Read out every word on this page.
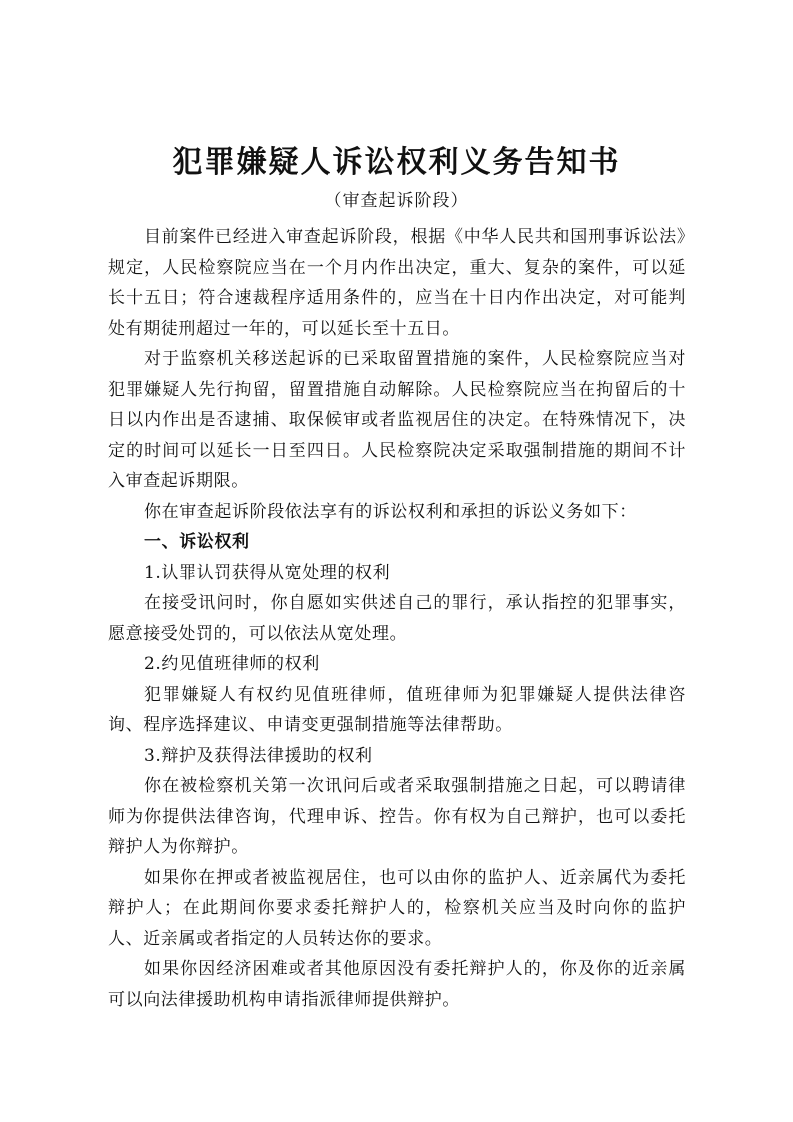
犯罪嫌疑人诉讼权利义务告知书

（审查起诉阶段）

目前案件已经进入审查起诉阶段，根据《中华人民共和国刑事诉讼法》规定，人民检察院应当在一个月内作出决定，重大、复杂的案件，可以延长十五日；符合速裁程序适用条件的，应当在十日内作出决定，对可能判处有期徒刑超过一年的，可以延长至十五日。

对于监察机关移送起诉的已采取留置措施的案件，人民检察院应当对犯罪嫌疑人先行拘留，留置措施自动解除。人民检察院应当在拘留后的十日以内作出是否逮捕、取保候审或者监视居住的决定。在特殊情况下，决定的时间可以延长一日至四日。人民检察院决定采取强制措施的期间不计入审查起诉期限。

你在审查起诉阶段依法享有的诉讼权利和承担的诉讼义务如下：

一、诉讼权利

1.认罪认罚获得从宽处理的权利

在接受讯问时，你自愿如实供述自己的罪行，承认指控的犯罪事实，愿意接受处罚的，可以依法从宽处理。

2.约见值班律师的权利

犯罪嫌疑人有权约见值班律师，值班律师为犯罪嫌疑人提供法律咨询、程序选择建议、申请变更强制措施等法律帮助。

3.辩护及获得法律援助的权利

你在被检察机关第一次讯问后或者采取强制措施之日起，可以聘请律师为你提供法律咨询，代理申诉、控告。你有权为自己辩护，也可以委托辩护人为你辩护。

如果你在押或者被监视居住，也可以由你的监护人、近亲属代为委托辩护人；在此期间你要求委托辩护人的，检察机关应当及时向你的监护人、近亲属或者指定的人员转达你的要求。

如果你因经济困难或者其他原因没有委托辩护人的，你及你的近亲属可以向法律援助机构申请指派律师提供辩护。
